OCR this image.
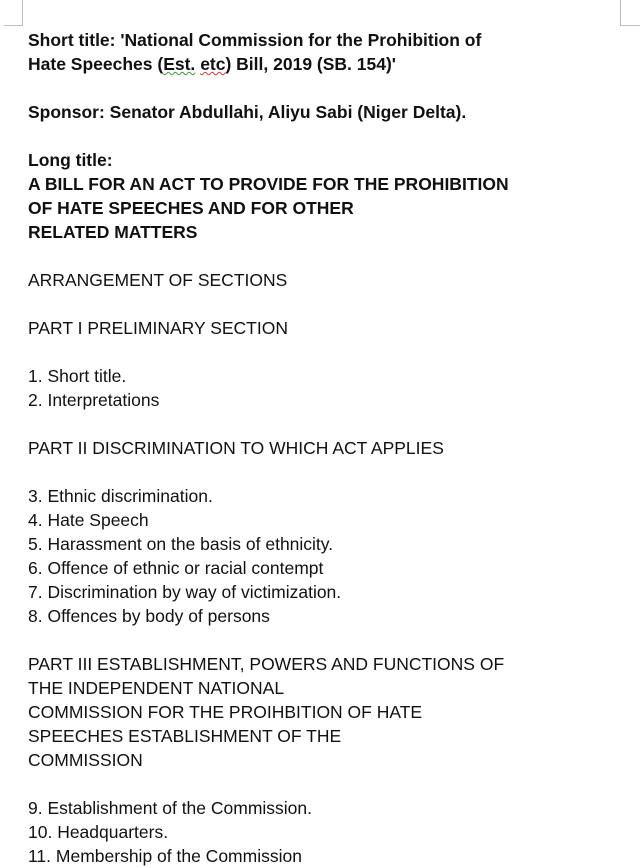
Short title: 'National Commission for the Prohibition of
Hate Speeches (Est. etc) Bill, 2019 (SB. 154)'
Sponsor: Senator Abdullahi, Aliyu Sabi (Niger Delta).
Long title:
A BILL FOR AN ACT TO PROVIDE FOR THE PROHIBITION
OF HATE SPEECHES AND FOR OTHER
RELATED MATTERS
ARRANGEMENT OF SECTIONS
PART I PRELIMINARY SECTION
1. Short title.
2. Interpretations
PART II DISCRIMINATION TO WHICH ACT APPLIES
3. Ethnic discrimination.
4. Hate Speech
5. Harassment on the basis of ethnicity.
6. Offence of ethnic or racial contempt
7. Discrimination by way of victimization.
8. Offences by body of persons
PART III ESTABLISHMENT, POWERS AND FUNCTIONS OF
THE INDEPENDENT NATIONAL
COMMISSION FOR THE PROIHBITION OF HATE
SPEECHES ESTABLISHMENT OF THE
COMMISSION
9. Establishment of the Commission.
10. Headquarters.
11. Membership of the Commission
